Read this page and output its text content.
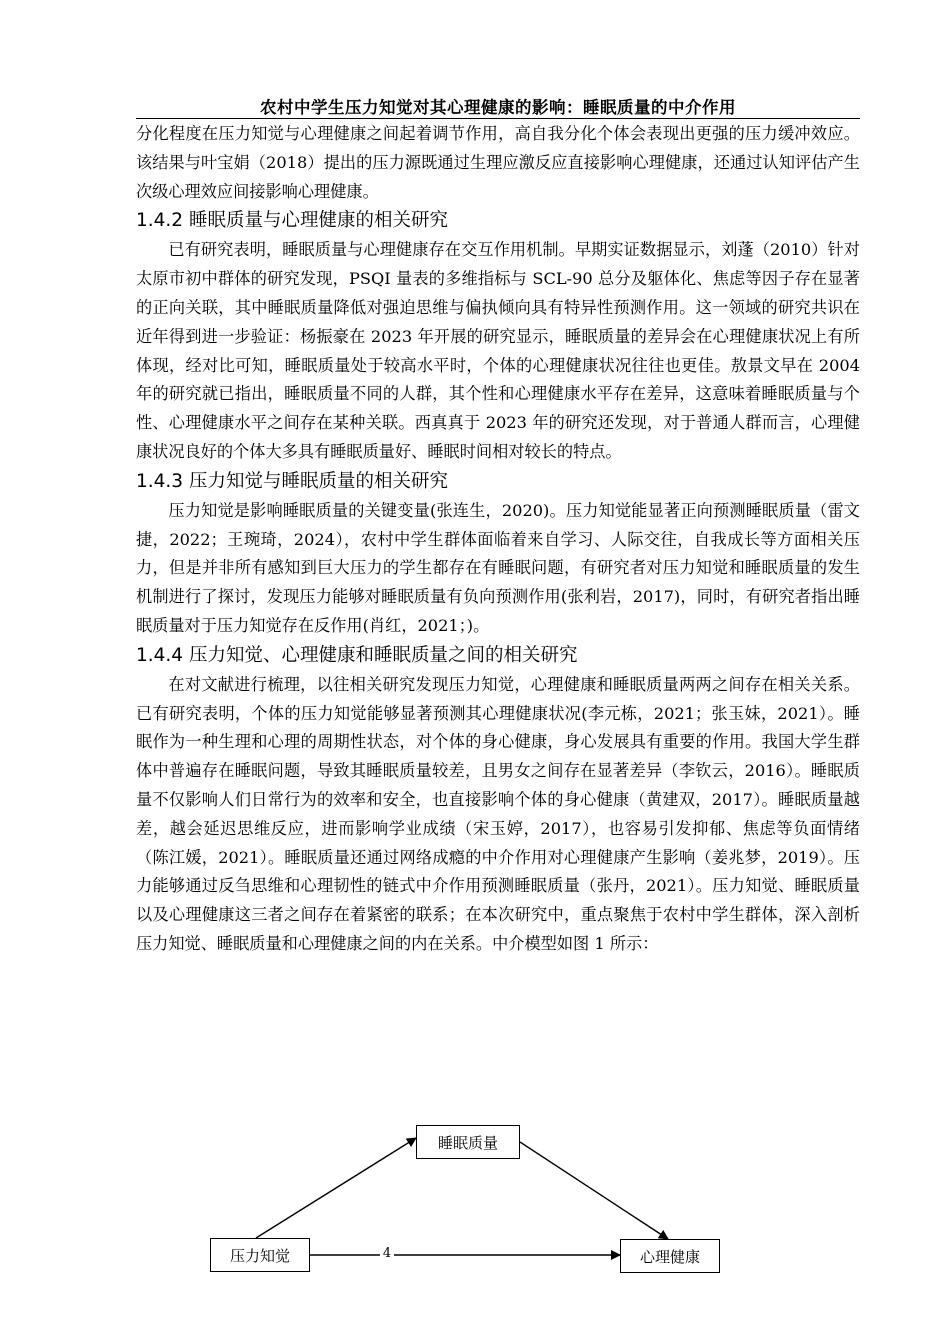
农村中学生压力知觉对其心理健康的影响：睡眠质量的中介作用

分化程度在压力知觉与心理健康之间起着调节作用，高自我分化个体会表现出更强的压力缓冲效应。该结果与叶宝娟（2018）提出的压力源既通过生理应激反应直接影响心理健康，还通过认知评估产生次级心理效应间接影响心理健康。

1.4.2 睡眠质量与心理健康的相关研究

已有研究表明，睡眠质量与心理健康存在交互作用机制。早期实证数据显示，刘蓬（2010）针对太原市初中群体的研究发现，PSQI 量表的多维指标与 SCL-90 总分及躯体化、焦虑等因子存在显著的正向关联，其中睡眠质量降低对强迫思维与偏执倾向具有特异性预测作用。这一领域的研究共识在近年得到进一步验证：杨振豪在 2023 年开展的研究显示，睡眠质量的差异会在心理健康状况上有所体现，经对比可知，睡眠质量处于较高水平时，个体的心理健康状况往往也更佳。敖景文早在 2004 年的研究就已指出，睡眠质量不同的人群，其个性和心理健康水平存在差异，这意味着睡眠质量与个性、心理健康水平之间存在某种关联。西真真于 2023 年的研究还发现，对于普通人群而言，心理健康状况良好的个体大多具有睡眠质量好、睡眠时间相对较长的特点。

1.4.3 压力知觉与睡眠质量的相关研究

压力知觉是影响睡眠质量的关键变量(张连生，2020)。压力知觉能显著正向预测睡眠质量（雷文捷，2022；王琬琦，2024），农村中学生群体面临着来自学习、人际交往，自我成长等方面相关压力，但是并非所有感知到巨大压力的学生都存在有睡眠问题，有研究者对压力知觉和睡眠质量的发生机制进行了探讨，发现压力能够对睡眠质量有负向预测作用(张利岩，2017)，同时，有研究者指出睡眠质量对于压力知觉存在反作用(肖红，2021；)。

1.4.4 压力知觉、心理健康和睡眠质量之间的相关研究

在对文献进行梳理，以往相关研究发现压力知觉，心理健康和睡眠质量两两之间存在相关关系。已有研究表明，个体的压力知觉能够显著预测其心理健康状况(李元栋，2021；张玉妹，2021）。睡眠作为一种生理和心理的周期性状态，对个体的身心健康，身心发展具有重要的作用。我国大学生群体中普遍存在睡眠问题，导致其睡眠质量较差，且男女之间存在显著差异（李钦云，2016）。睡眠质量不仅影响人们日常行为的效率和安全，也直接影响个体的身心健康（黄建双，2017）。睡眠质量越差，越会延迟思维反应，进而影响学业成绩（宋玉婷，2017），也容易引发抑郁、焦虑等负面情绪（陈江媛，2021）。睡眠质量还通过网络成瘾的中介作用对心理健康产生影响（姜兆梦，2019）。压力能够通过反刍思维和心理韧性的链式中介作用预测睡眠质量（张丹，2021）。压力知觉、睡眠质量以及心理健康这三者之间存在着紧密的联系；在本次研究中，重点聚焦于农村中学生群体，深入剖析压力知觉、睡眠质量和心理健康之间的内在关系。中介模型如图 1 所示：

睡眠质量
压力知觉	心理健康
4
